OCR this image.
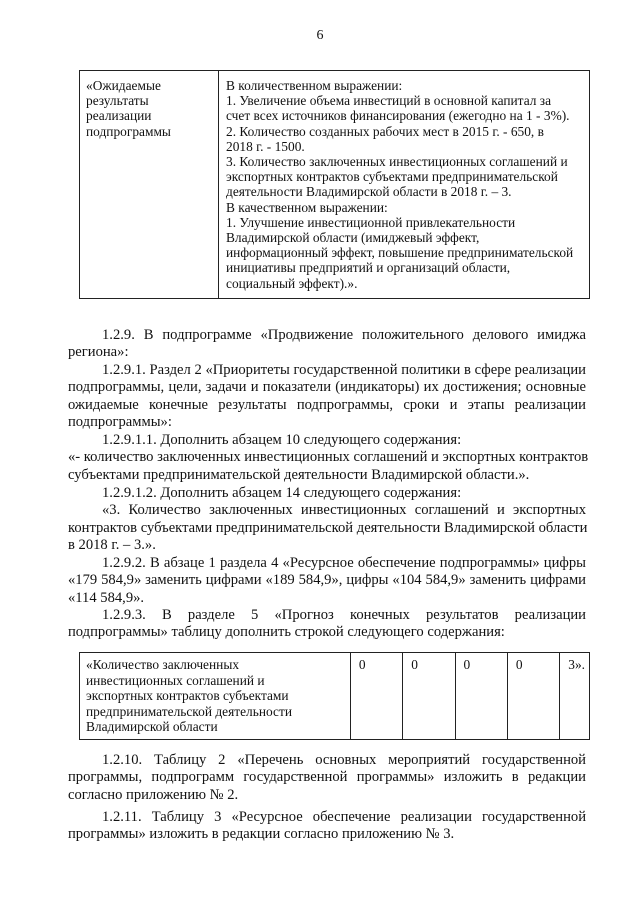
6
«Ожидаемые
результаты
реализации
подпрограммы

В количественном выражении:
1. Увеличение объема инвестиций в основной капитал за
счет всех источников финансирования (ежегодно на 1 - 3%).
2. Количество созданных рабочих мест в 2015 г. - 650, в
2018 г. - 1500.
3. Количество заключенных инвестиционных соглашений и
экспортных контрактов субъектами предпринимательской
деятельности Владимирской области в 2018 г. – 3.
В качественном выражении:
1. Улучшение инвестиционной привлекательности
Владимирской области (имиджевый эффект,
информационный эффект, повышение предпринимательской
инициативы предприятий и организаций области,
социальный эффект).».
1.2.9. В подпрограмме «Продвижение положительного делового имиджа
региона»:
1.2.9.1. Раздел 2 «Приоритеты государственной политики в сфере реализации
подпрограммы, цели, задачи и показатели (индикаторы) их достижения; основные
ожидаемые конечные результаты подпрограммы, сроки и этапы реализации
подпрограммы»:
1.2.9.1.1. Дополнить абзацем 10 следующего содержания:
«- количество заключенных инвестиционных соглашений и экспортных контрактов
субъектами предпринимательской деятельности Владимирской области.».
1.2.9.1.2. Дополнить абзацем 14 следующего содержания:
«3. Количество заключенных инвестиционных соглашений и экспортных
контрактов субъектами предпринимательской деятельности Владимирской области
в 2018 г. – 3.».
1.2.9.2. В абзаце 1 раздела 4 «Ресурсное обеспечение подпрограммы» цифры
«179 584,9» заменить цифрами «189 584,9», цифры «104 584,9» заменить цифрами
«114 584,9».
1.2.9.3. В разделе 5 «Прогноз конечных результатов реализации
подпрограммы» таблицу дополнить строкой следующего содержания:
«Количество заключенных
инвестиционных соглашений и
экспортных контрактов субъектами
предпринимательской деятельности
Владимирской области
	0	0	0	0	3».
1.2.10. Таблицу 2 «Перечень основных мероприятий государственной
программы, подпрограмм государственной программы» изложить в редакции
согласно приложению № 2.
1.2.11. Таблицу 3 «Ресурсное обеспечение реализации государственной
программы» изложить в редакции согласно приложению № 3.
